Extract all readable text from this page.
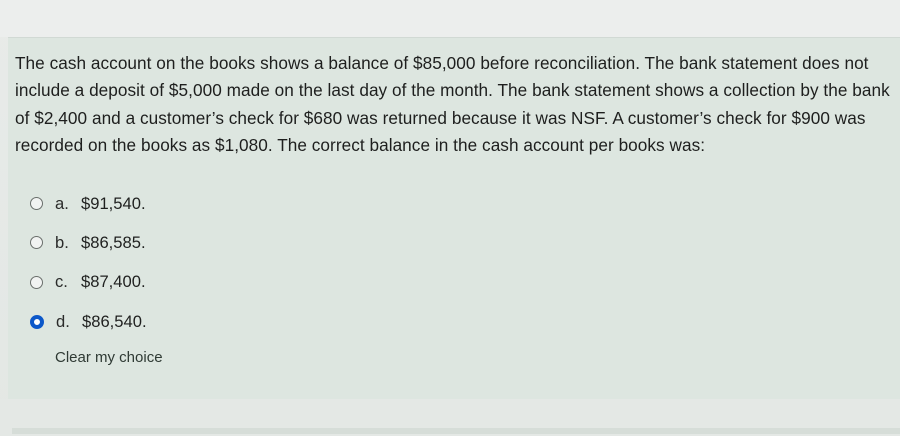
The cash account on the books shows a balance of $85,000 before reconciliation. The bank statement does not include a deposit of $5,000 made on the last day of the month. The bank statement shows a collection by the bank of $2,400 and a customer’s check for $680 was returned because it was NSF. A customer’s check for $900 was recorded on the books as $1,080. The correct balance in the cash account per books was:

a. $91,540.
b. $86,585.
c. $87,400.
d. $86,540.
Clear my choice
